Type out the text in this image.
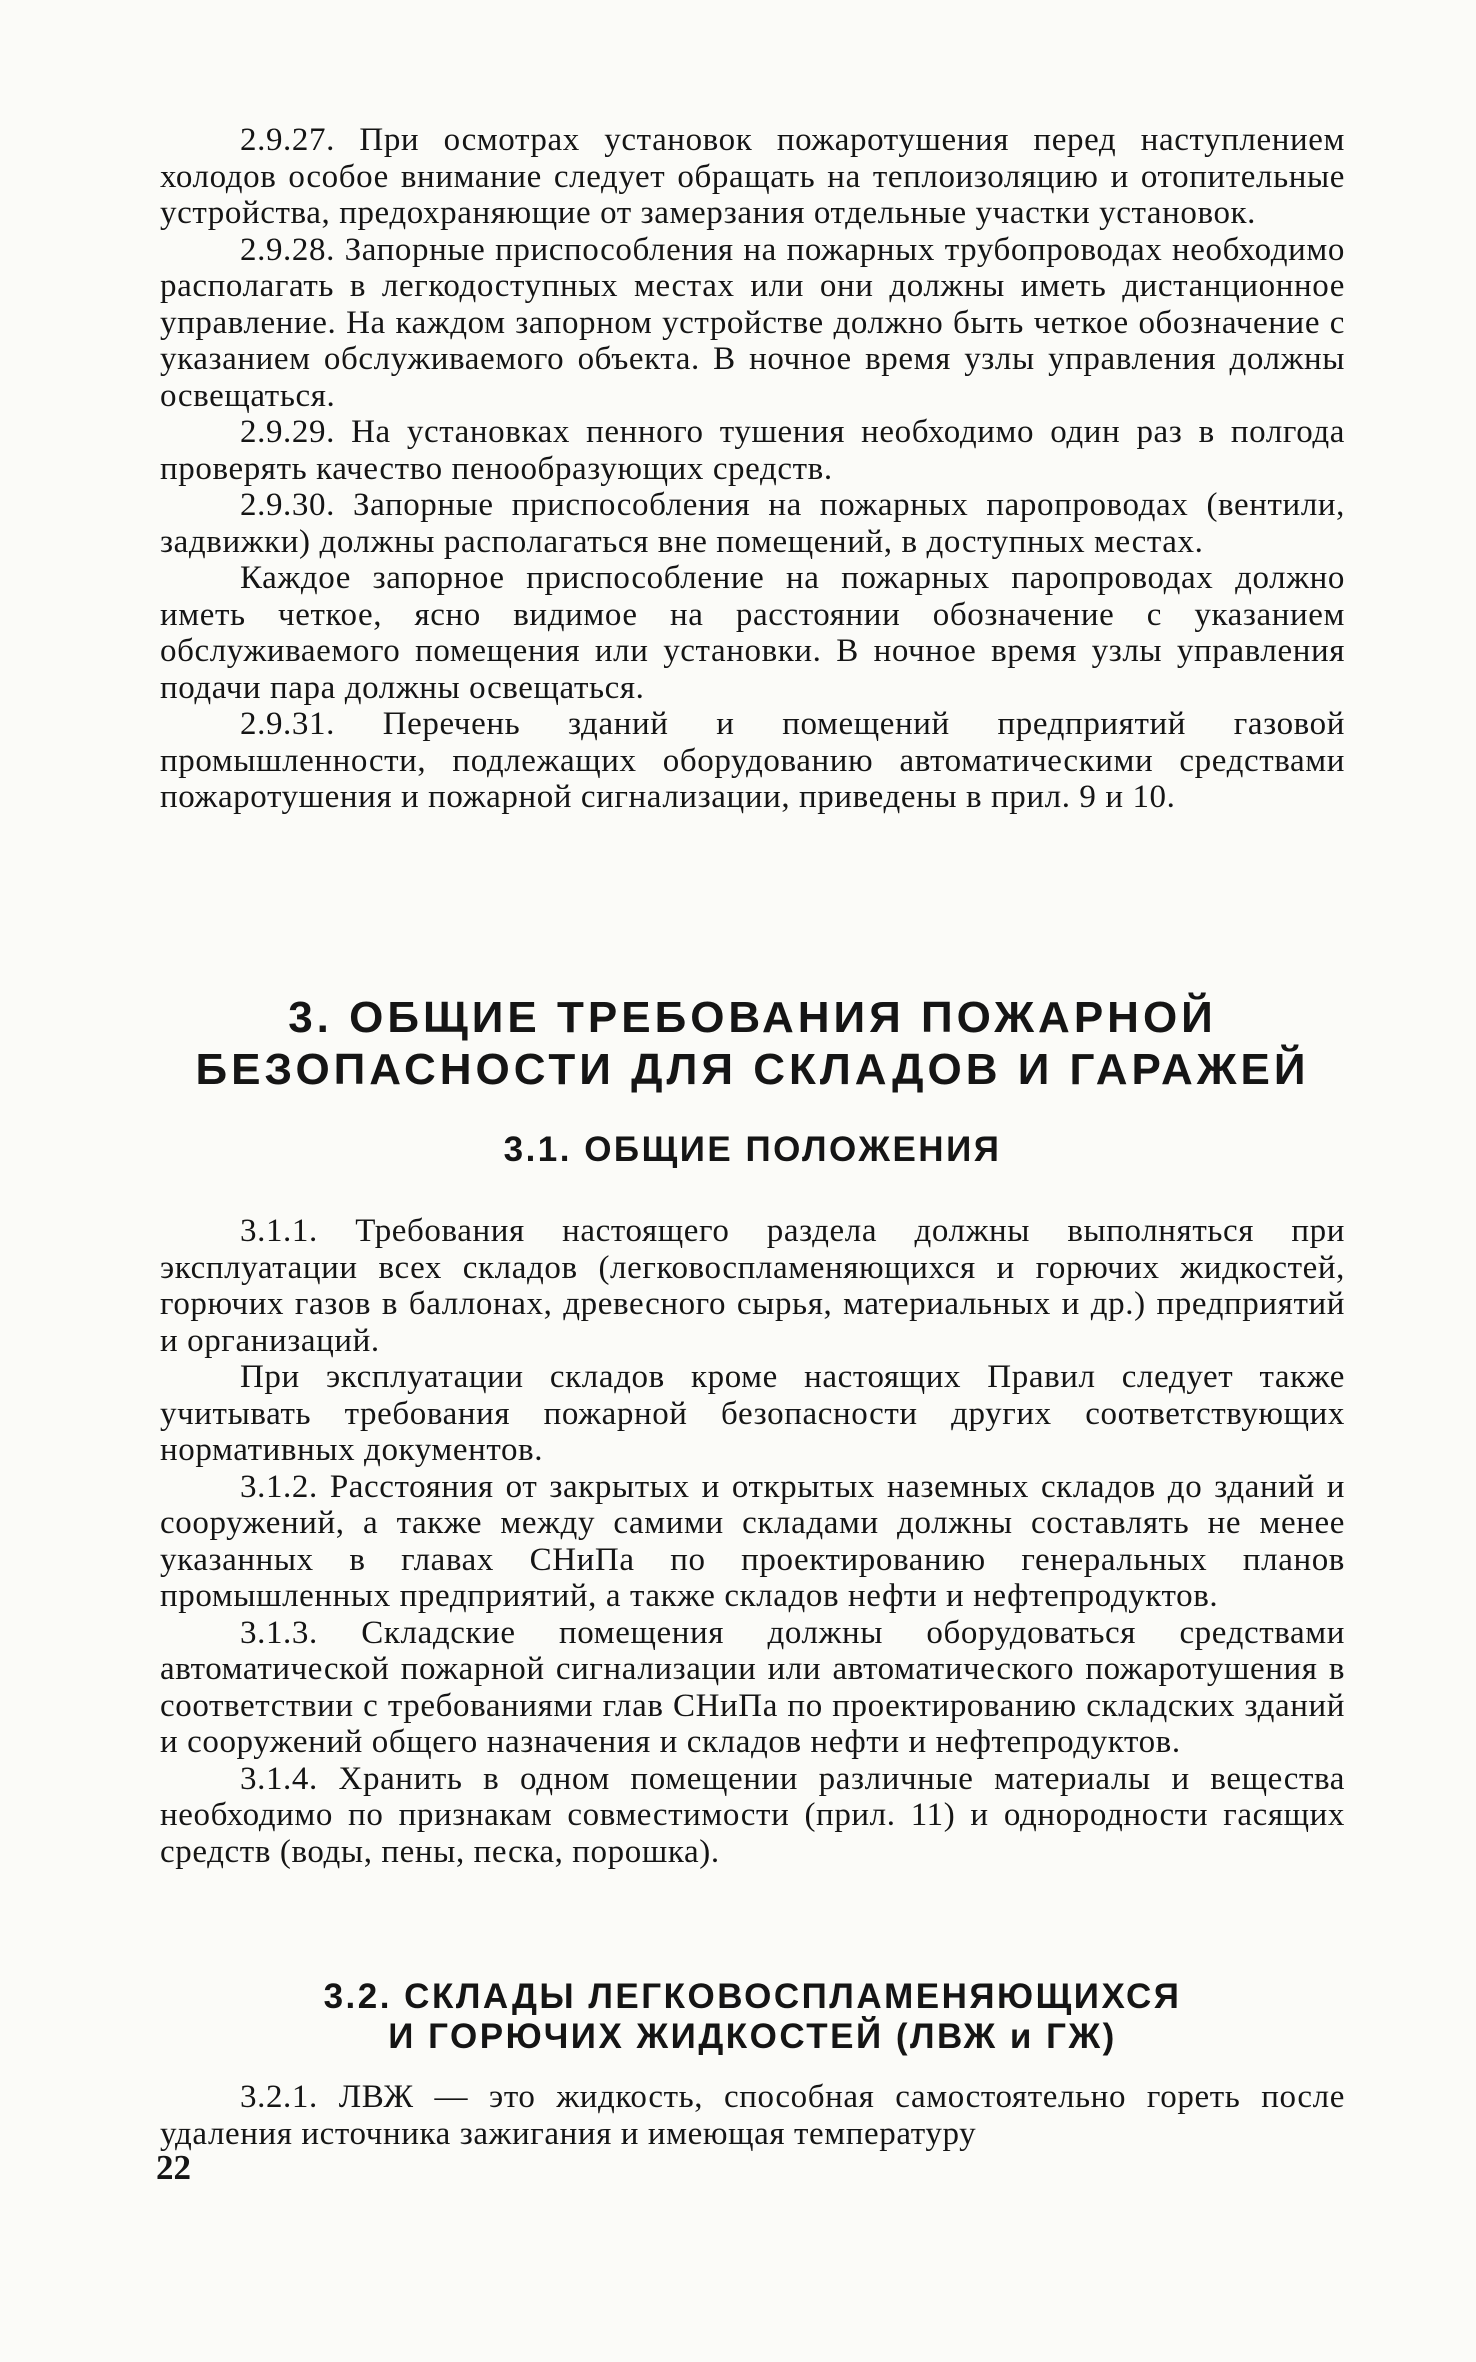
2.9.27. При осмотрах установок пожаротушения перед наступлением холодов особое внимание следует обращать на теплоизоляцию и отопительные устройства, предохраняющие от замерзания отдельные участки установок.

2.9.28. Запорные приспособления на пожарных трубопроводах необходимо располагать в легкодоступных местах или они должны иметь дистанционное управление. На каждом запорном устройстве должно быть четкое обозначение с указанием обслуживаемого объекта. В ночное время узлы управления должны освещаться.

2.9.29. На установках пенного тушения необходимо один раз в полгода проверять качество пенообразующих средств.

2.9.30. Запорные приспособления на пожарных паропроводах (вентили, задвижки) должны располагаться вне помещений, в доступных местах.

Каждое запорное приспособление на пожарных паропроводах должно иметь четкое, ясно видимое на расстоянии обозначение с указанием обслуживаемого помещения или установки. В ночное время узлы управления подачи пара должны освещаться.

2.9.31. Перечень зданий и помещений предприятий газовой промышленности, подлежащих оборудованию автоматическими средствами пожаротушения и пожарной сигнализации, приведены в прил. 9 и 10.

3. ОБЩИЕ ТРЕБОВАНИЯ ПОЖАРНОЙ
БЕЗОПАСНОСТИ ДЛЯ СКЛАДОВ И ГАРАЖЕЙ
3.1. ОБЩИЕ ПОЛОЖЕНИЯ

3.1.1. Требования настоящего раздела должны выполняться при эксплуатации всех складов (легковоспламеняющихся и горючих жидкостей, горючих газов в баллонах, древесного сырья, материальных и др.) предприятий и организаций.

При эксплуатации складов кроме настоящих Правил следует также учитывать требования пожарной безопасности других соответствующих нормативных документов.

3.1.2. Расстояния от закрытых и открытых наземных складов до зданий и сооружений, а также между самими складами должны составлять не менее указанных в главах СНиПа по проектированию генеральных планов промышленных предприятий, а также складов нефти и нефтепродуктов.

3.1.3. Складские помещения должны оборудоваться средствами автоматической пожарной сигнализации или автоматического пожаротушения в соответствии с требованиями глав СНиПа по проектированию складских зданий и сооружений общего назначения и складов нефти и нефтепродуктов.

3.1.4. Хранить в одном помещении различные материалы и вещества необходимо по признакам совместимости (прил. 11) и однородности гасящих средств (воды, пены, песка, порошка).

3.2. СКЛАДЫ ЛЕГКОВОСПЛАМЕНЯЮЩИХСЯ
И ГОРЮЧИХ ЖИДКОСТЕЙ (ЛВЖ и ГЖ)

3.2.1. ЛВЖ — это жидкость, способная самостоятельно гореть после удаления источника зажигания и имеющая температуру

22
